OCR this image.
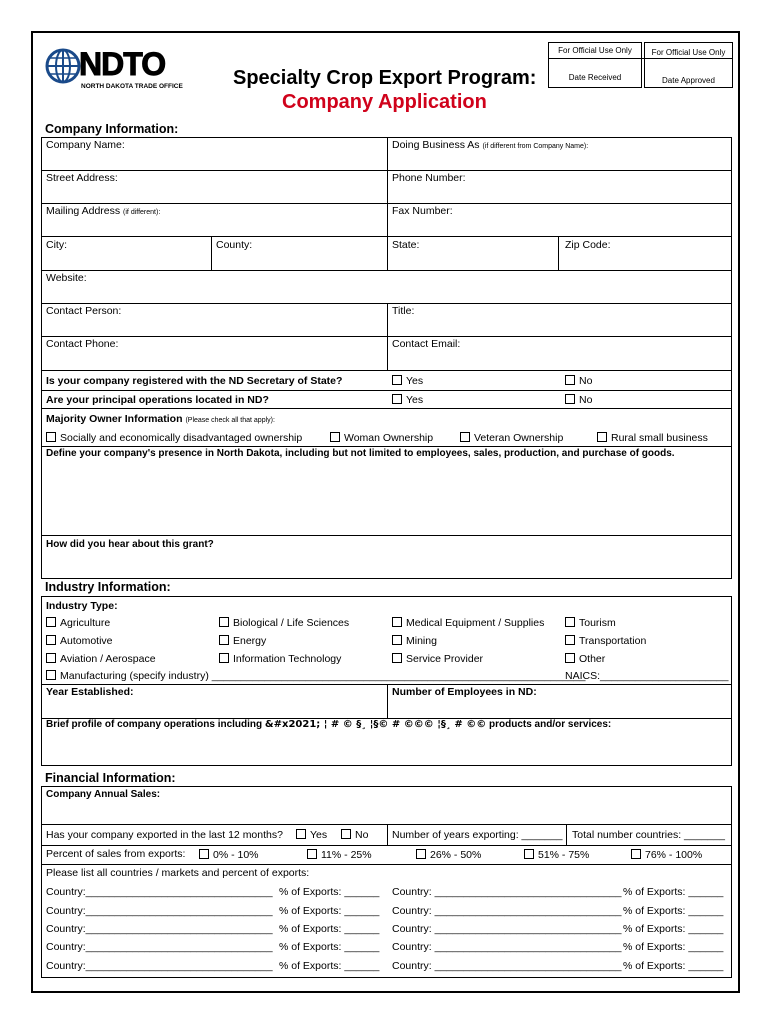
NDTO
NORTH DAKOTA TRADE OFFICE	Specialty Crop Export Program:
Company Application
For Official Use Only	For Official Use Only
Date Received	Date Approved
Company Information:
Company Name:	Doing Business As (if different from Company Name):
Street Address:	Phone Number:
Mailing Address (if different):	Fax Number:
City:	County:	State:	Zip Code:
Website:
Contact Person:	Title:
Contact Phone:	Contact Email:
Is your company registered with the ND Secretary of State?	Yes	No
Are your principal operations located in ND?	Yes	No
Majority Owner Information (Please check all that apply):
Socially and economically disadvantaged ownership	Woman Ownership	Veteran Ownership	Rural small business
Define your company's presence in North Dakota, including but not limited to employees, sales, production, and purchase of goods.
How did you hear about this grant?
Industry Information:
Industry Type:
Agriculture	Biological / Life Sciences	Medical Equipment / Supplies	Tourism
Automotive	Energy	Mining	Transportation
Aviation / Aerospace	Information Technology	Service Provider	Other
Manufacturing (specify industry) ________________________________________________________________
NAICS:______________________
Year Established:	Number of Employees in ND:
Brief profile of company operations including &#x2021; ¦ # © §¸ ¦§© # ©©© ¦§¸ # ©© products and/or services:
Financial Information:
Company Annual Sales:
Has your company exported in the last 12 months?	Yes	No Number of years exporting: _______ Total number countries: _______
Percent of sales from exports:	0% - 10%	11% - 25%	26% - 50%	51% - 75%	76% - 100%
Please list all countries / markets and percent of exports:
Country:________________________________ % of Exports: ______ Country: ________________________________ % of Exports: ______
Country:________________________________ % of Exports: ______ Country: ________________________________ % of Exports: ______
Country:________________________________ % of Exports: ______ Country: ________________________________ % of Exports: ______
Country:________________________________ % of Exports: ______ Country: ________________________________ % of Exports: ______
Country:________________________________ % of Exports: ______ Country: ________________________________ % of Exports: ______
